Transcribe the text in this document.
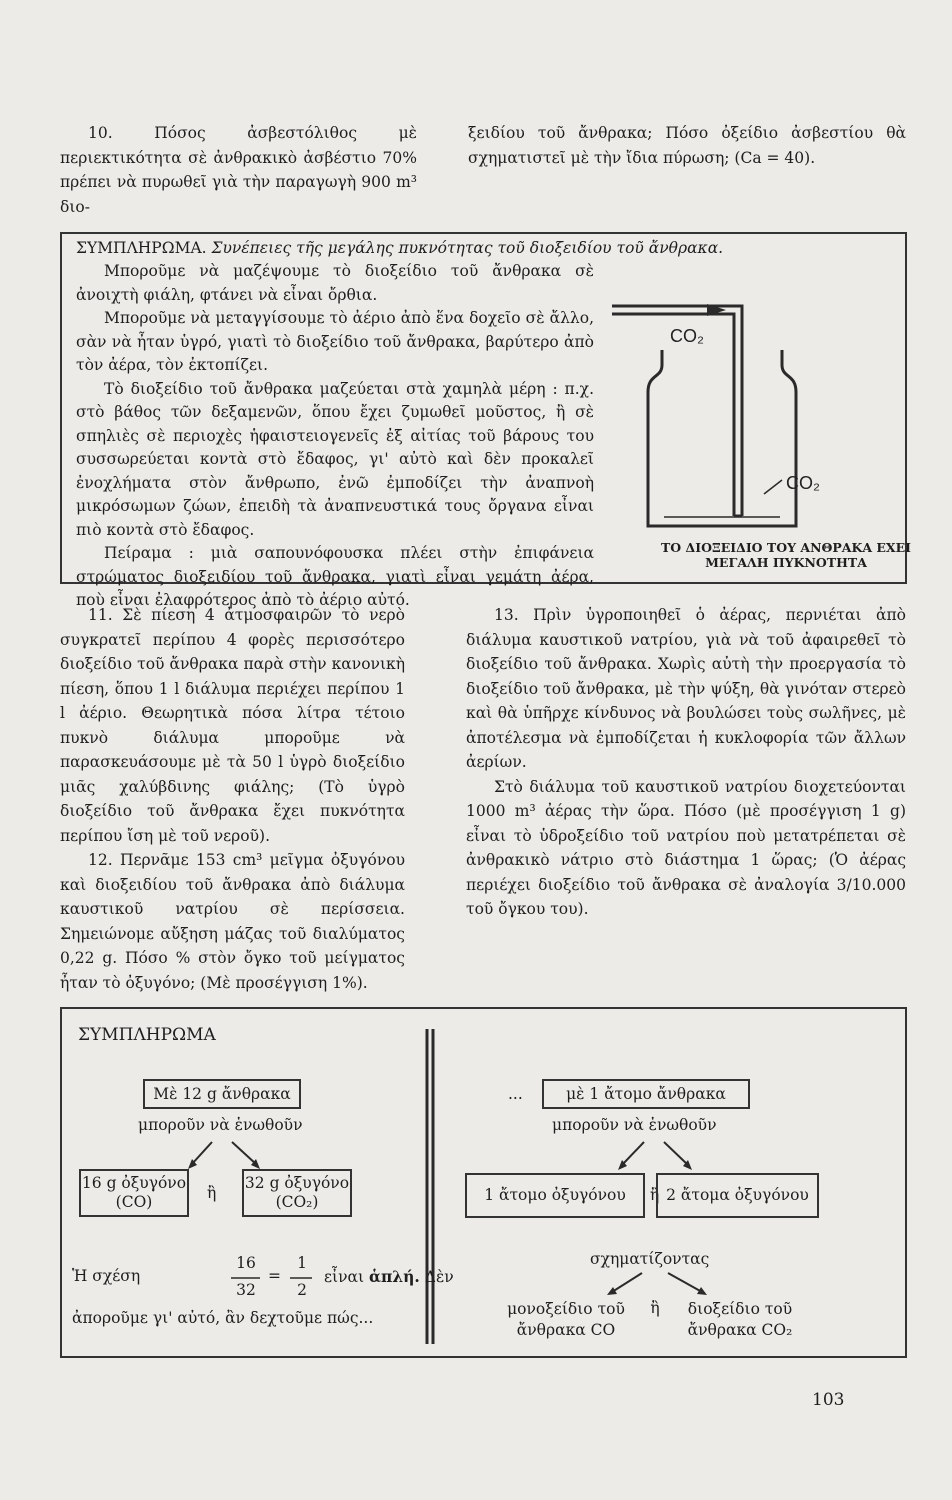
10. Πόσος ἀσβεστόλιθος μὲ περιεκτικότητα σὲ ἀνθρακικὸ ἀσβέστιο 70% πρέπει νὰ πυρωθεῖ γιὰ τὴν παραγωγὴ 900 m³ διο-

ξειδίου τοῦ ἄνθρακα; Πόσο ὀξείδιο ἀσβεστίου θὰ σχηματιστεῖ μὲ τὴν ἴδια πύρωση; (Ca = 40).

ΣΥΜΠΛΗΡΩΜΑ. Συνέπειες τῆς μεγάλης πυκνότητας τοῦ διοξειδίου τοῦ ἄνθρακα.

Μποροῦμε νὰ μαζέψουμε τὸ διοξείδιο τοῦ ἄνθρακα σὲ ἀνοιχτὴ φιάλη, φτάνει νὰ εἶναι ὄρθια.

Μποροῦμε νὰ μεταγγίσουμε τὸ ἀέριο ἀπὸ ἕνα δοχεῖο σὲ ἄλλο, σὰν νὰ ἦταν ὑγρό, γιατὶ τὸ διοξείδιο τοῦ ἄνθρακα, βαρύτερο ἀπὸ τὸν ἀέρα, τὸν ἐκτοπίζει.

Τὸ διοξείδιο τοῦ ἄνθρακα μαζεύεται στὰ χαμηλὰ μέρη : π.χ. στὸ βάθος τῶν δεξαμενῶν, ὅπου ἔχει ζυμωθεῖ μοῦστος, ἢ σὲ σπηλιὲς σὲ περιοχὲς ἡφαιστειογενεῖς ἐξ αἰτίας τοῦ βάρους του συσσωρεύεται κοντὰ στὸ ἔδαφος, γι' αὐτὸ καὶ δὲν προκαλεῖ ἐνοχλήματα στὸν ἄνθρωπο, ἐνῶ ἐμποδίζει τὴν ἀναπνοὴ μικρόσωμων ζώων, ἐπειδὴ τὰ ἀναπνευστικά τους ὄργανα εἶναι πιὸ κοντὰ στὸ ἔδαφος.

Πείραμα : μιὰ σαπουνόφουσκα πλέει στὴν ἐπιφάνεια στρώματος διοξειδίου τοῦ ἄνθρακα, γιατὶ εἶναι γεμάτη ἀέρα, ποὺ εἶναι ἐλαφρότερος ἀπὸ τὸ ἀέριο αὐτό.

CO₂
CO₂
ΤΟ ΔΙΟΞΕΙΔΙΟ ΤΟΥ ΑΝΘΡΑΚΑ ΕΧΕΙ
ΜΕΓΑΛΗ ΠΥΚΝΟΤΗΤΑ

11. Σὲ πίεση 4 ἀτμοσφαιρῶν τὸ νερὸ συγκρατεῖ περίπου 4 φορὲς περισσότερο διοξείδιο τοῦ ἄνθρακα παρὰ στὴν κανονικὴ πίεση, ὅπου 1 l διάλυμα περιέχει περίπου 1 l ἀέριο. Θεωρητικὰ πόσα λίτρα τέτοιο πυκνὸ διάλυμα μποροῦμε νὰ παρασκευάσουμε μὲ τὰ 50 l ὑγρὸ διοξείδιο μιᾶς χαλύβδινης φιάλης; (Τὸ ὑγρὸ διοξείδιο τοῦ ἄνθρακα ἔχει πυκνότητα περίπου ἴση μὲ τοῦ νεροῦ).

12. Περνᾶμε 153 cm³ μεῖγμα ὀξυγόνου καὶ διοξειδίου τοῦ ἄνθρακα ἀπὸ διάλυμα καυστικοῦ νατρίου σὲ περίσσεια. Σημειώνομε αὔξηση μάζας τοῦ διαλύματος 0,22 g. Πόσο % στὸν ὄγκο τοῦ μείγματος ἦταν τὸ ὀξυγόνο; (Μὲ προσέγγιση 1%).

13. Πρὶν ὑγροποιηθεῖ ὁ ἀέρας, περνιέται ἀπὸ διάλυμα καυστικοῦ νατρίου, γιὰ νὰ τοῦ ἀφαιρεθεῖ τὸ διοξείδιο τοῦ ἄνθρακα. Χωρὶς αὐτὴ τὴν προεργασία τὸ διοξείδιο τοῦ ἄνθρακα, μὲ τὴν ψύξη, θὰ γινόταν στερεὸ καὶ θὰ ὑπῆρχε κίνδυνος νὰ βουλώσει τοὺς σωλῆνες, μὲ ἀποτέλεσμα νὰ ἐμποδίζεται ἡ κυκλοφορία τῶν ἄλλων ἀερίων.

Στὸ διάλυμα τοῦ καυστικοῦ νατρίου διοχετεύονται 1000 m³ ἀέρας τὴν ὥρα. Πόσο (μὲ προσέγγιση 1 g) εἶναι τὸ ὑδροξείδιο τοῦ νατρίου ποὺ μετατρέπεται σὲ ἀνθρακικὸ νάτριο στὸ διάστημα 1 ὥρας; (Ὁ ἀέρας περιέχει διοξείδιο τοῦ ἄνθρακα σὲ ἀναλογία 3/10.000 τοῦ ὄγκου του).

ΣΥΜΠΛΗΡΩΜΑ
Μὲ 12 g ἄνθρακα
μποροῦν νὰ ἑνωθοῦν
16 g ὀξυγόνο
(CO)	ἢ
32 g ὀξυγόνο
(CO₂)
Ἡ σχέση
16
32
=
1
2
εἶναι ἁπλή. Δὲν
ἀποροῦμε γι' αὐτό, ἂν δεχτοῦμε πώς...
...	μὲ 1 ἄτομο ἄνθρακα
μποροῦν νὰ ἑνωθοῦν
1 ἄτομο ὀξυγόνου	ἢ 2 ἄτομα ὀξυγόνου
σχηματίζοντας
μονοξείδιο τοῦ
ἄνθρακα CO
ἢ	διοξείδιο τοῦ
ἄνθρακα CO₂
103
